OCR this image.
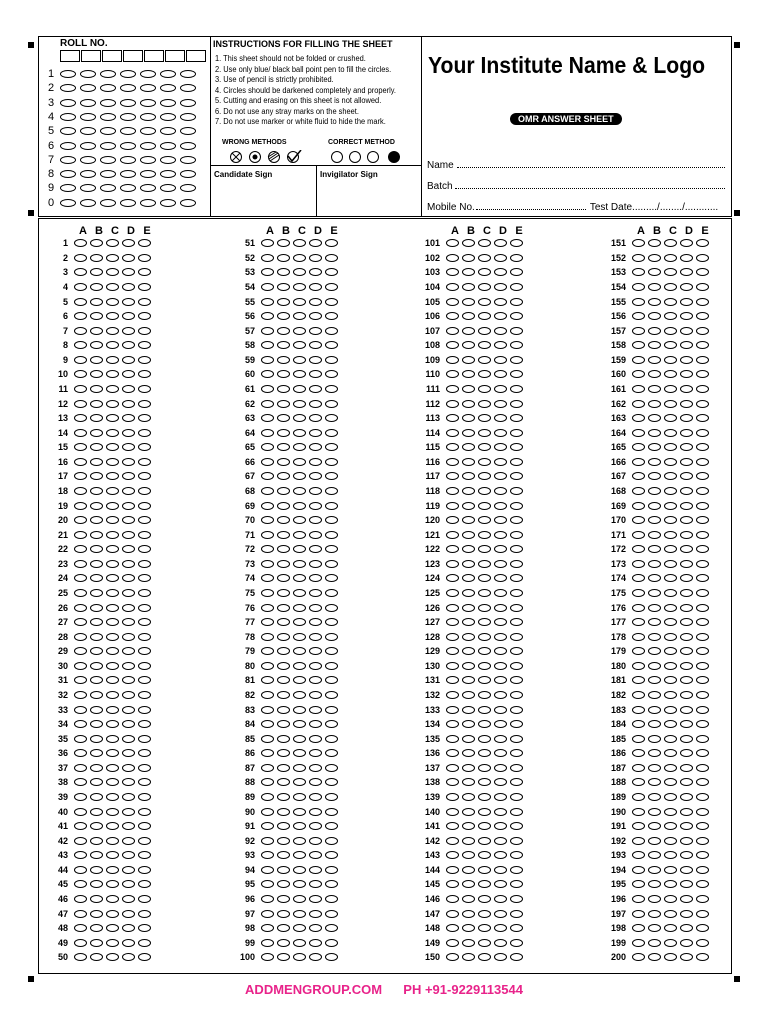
ROLL NO.
1
2
3
4
5
6
7
8
9
0
INSTRUCTIONS FOR FILLING THE SHEET
1. This sheet should not be folded or crushed.
2. Use only blue/ black ball point pen to fill the circles.
3. Use of pencil is strictly prohibited.
4. Circles should be darkened completely and properly.
5. Cutting and erasing on this sheet is not allowed.
6. Do not use any stray marks on the sheet.
7. Do not use marker or white fluid to hide the mark.
WRONG METHODS	CORRECT METHOD
Candidate Sign	Invigilator Sign
Your Institute Name & Logo
OMR ANSWER SHEET
Name
Batch
Mobile No.	Test Date........./......../............
A B C D E
1
2
3
4
5
6
7
8
9
10
11
12
13
14
15
16
17
18
19
20
21
22
23
24
25
26
27
28
29
30
31
32
33
34
35
36
37
38
39
40
41
42
43
44
45
46
47
48
49
50
A B C D E
51
52
53
54
55
56
57
58
59
60
61
62
63
64
65
66
67
68
69
70
71
72
73
74
75
76
77
78
79
80
81
82
83
84
85
86
87
88
89
90
91
92
93
94
95
96
97
98
99
100
A B C D E
101
102
103
104
105
106
107
108
109
110
111
112
113
114
115
116
117
118
119
120
121
122
123
124
125
126
127
128
129
130
131
132
133
134
135
136
137
138
139
140
141
142
143
144
145
146
147
148
149
150
A B C D E
151
152
153
154
155
156
157
158
159
160
161
162
163
164
165
166
167
168
169
170
171
172
173
174
175
176
177
178
179
180
181
182
183
184
185
186
187
188
189
190
191
192
193
194
195
196
197
198
199
200
ADDMENGROUP.COM PH +91-9229113544
